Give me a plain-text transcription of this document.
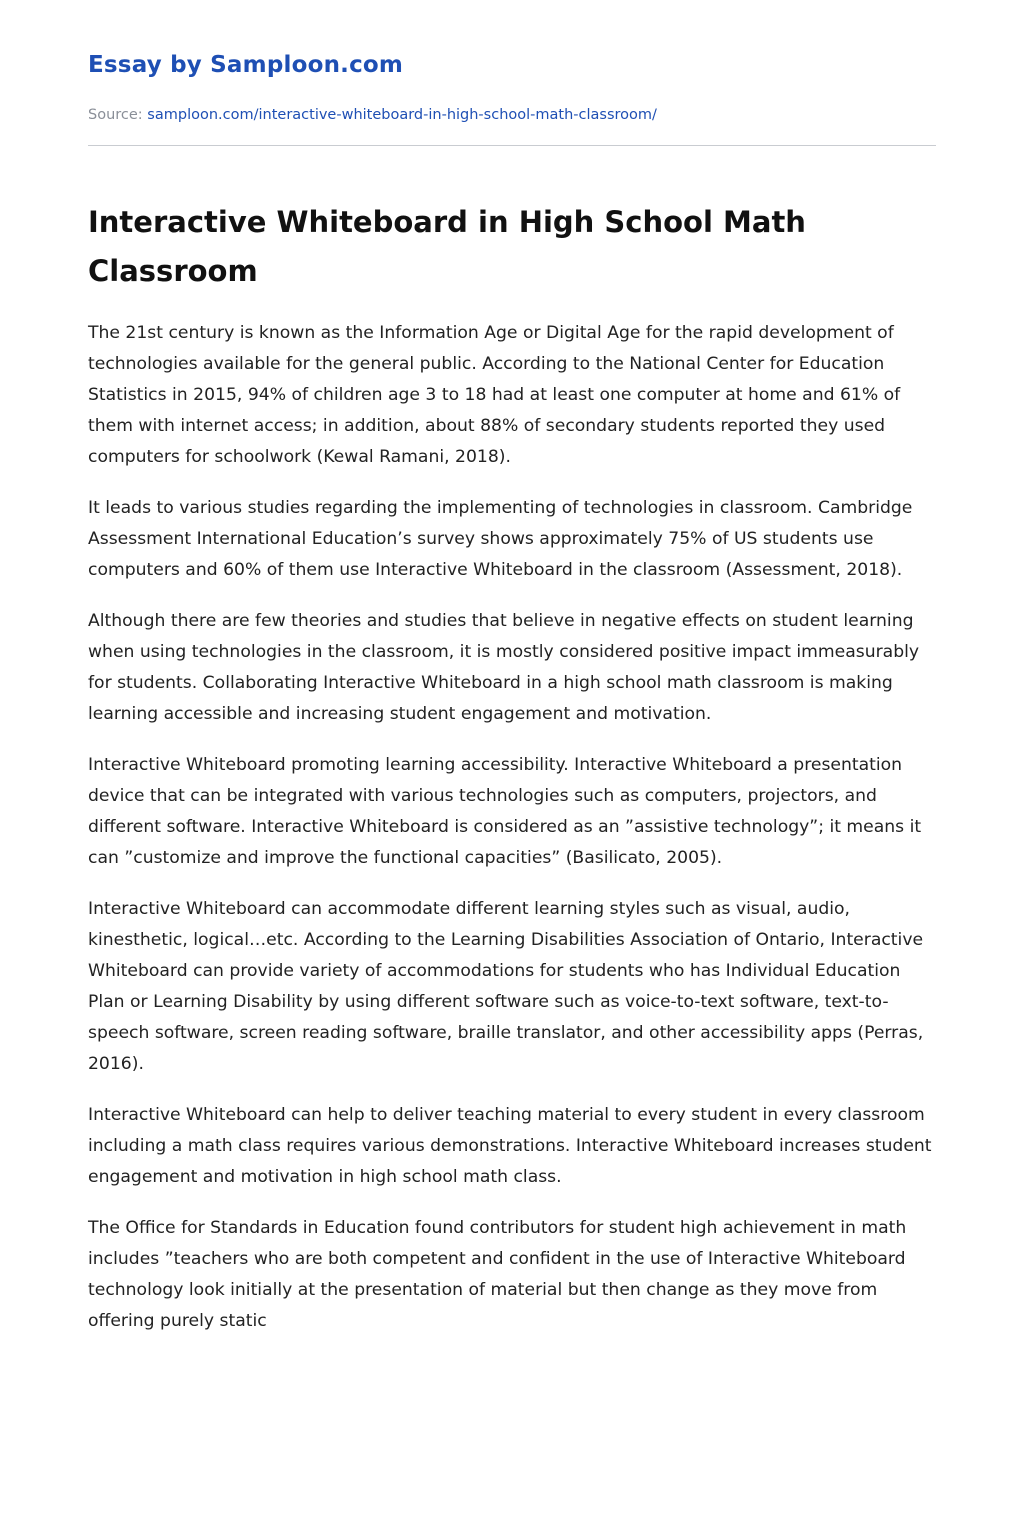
Essay by Samploon.com
Source: samploon.com/interactive-whiteboard-in-high-school-math-classroom/
Interactive Whiteboard in High School Math Classroom

The 21st century is known as the Information Age or Digital Age for the rapid development of technologies available for the general public. According to the National Center for Education Statistics in 2015, 94% of children age 3 to 18 had at least one computer at home and 61% of them with internet access; in addition, about 88% of secondary students reported they used computers for schoolwork (Kewal Ramani, 2018).

It leads to various studies regarding the implementing of technologies in classroom. Cambridge Assessment International Education’s survey shows approximately 75% of US students use computers and 60% of them use Interactive Whiteboard in the classroom (Assessment, 2018).

Although there are few theories and studies that believe in negative effects on student learning when using technologies in the classroom, it is mostly considered positive impact immeasurably for students. Collaborating Interactive Whiteboard in a high school math classroom is making learning accessible and increasing student engagement and motivation.

Interactive Whiteboard promoting learning accessibility. Interactive Whiteboard a presentation device that can be integrated with various technologies such as computers, projectors, and different software. Interactive Whiteboard is considered as an ”assistive technology”; it means it can ”customize and improve the functional capacities” (Basilicato, 2005).

Interactive Whiteboard can accommodate different learning styles such as visual, audio, kinesthetic, logical…etc. According to the Learning Disabilities Association of Ontario, Interactive Whiteboard can provide variety of accommodations for students who has Individual Education Plan or Learning Disability by using different software such as voice-to-text software, text-to-speech software, screen reading software, braille translator, and other accessibility apps (Perras, 2016).

Interactive Whiteboard can help to deliver teaching material to every student in every classroom including a math class requires various demonstrations. Interactive Whiteboard increases student engagement and motivation in high school math class.

The Office for Standards in Education found contributors for student high achievement in math includes ”teachers who are both competent and confident in the use of Interactive Whiteboard technology look initially at the presentation of material but then change as they move from offering purely static
